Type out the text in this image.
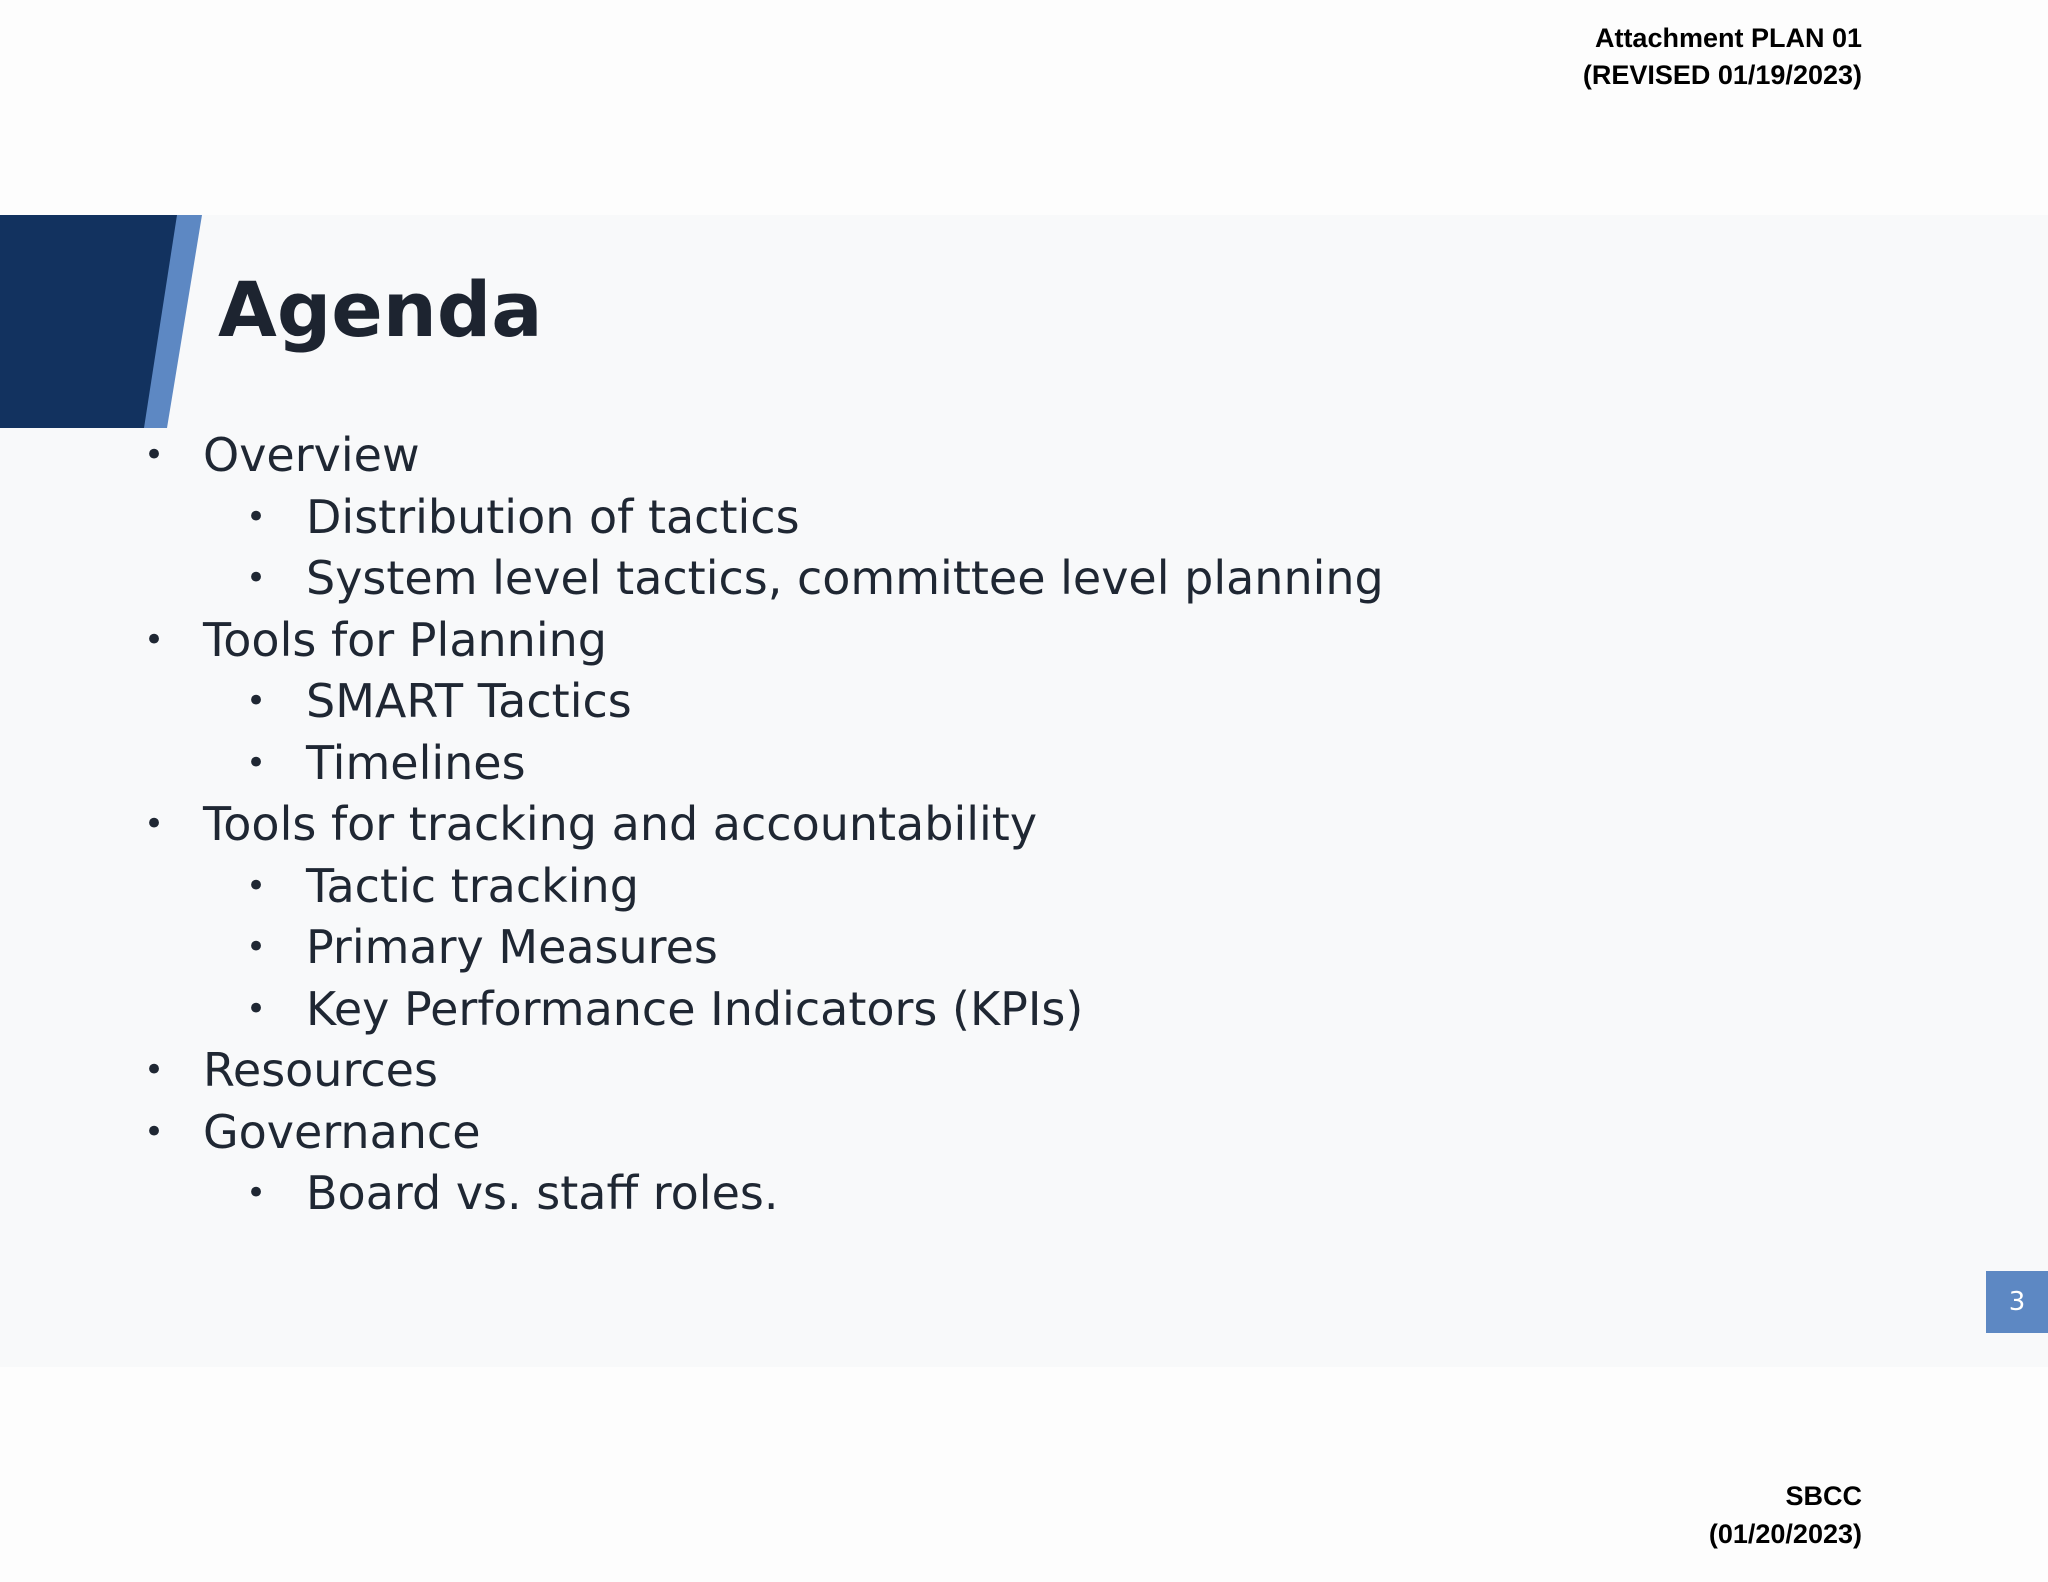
Attachment PLAN 01
(REVISED 01/19/2023)
Agenda
• Overview
• Distribution of tactics
• System level tactics, committee level planning
• Tools for Planning
• SMART Tactics
• Timelines
• Tools for tracking and accountability
• Tactic tracking
• Primary Measures
• Key Performance Indicators (KPIs)
• Resources
• Governance
• Board vs. staff roles.
3
SBCC
(01/20/2023)
